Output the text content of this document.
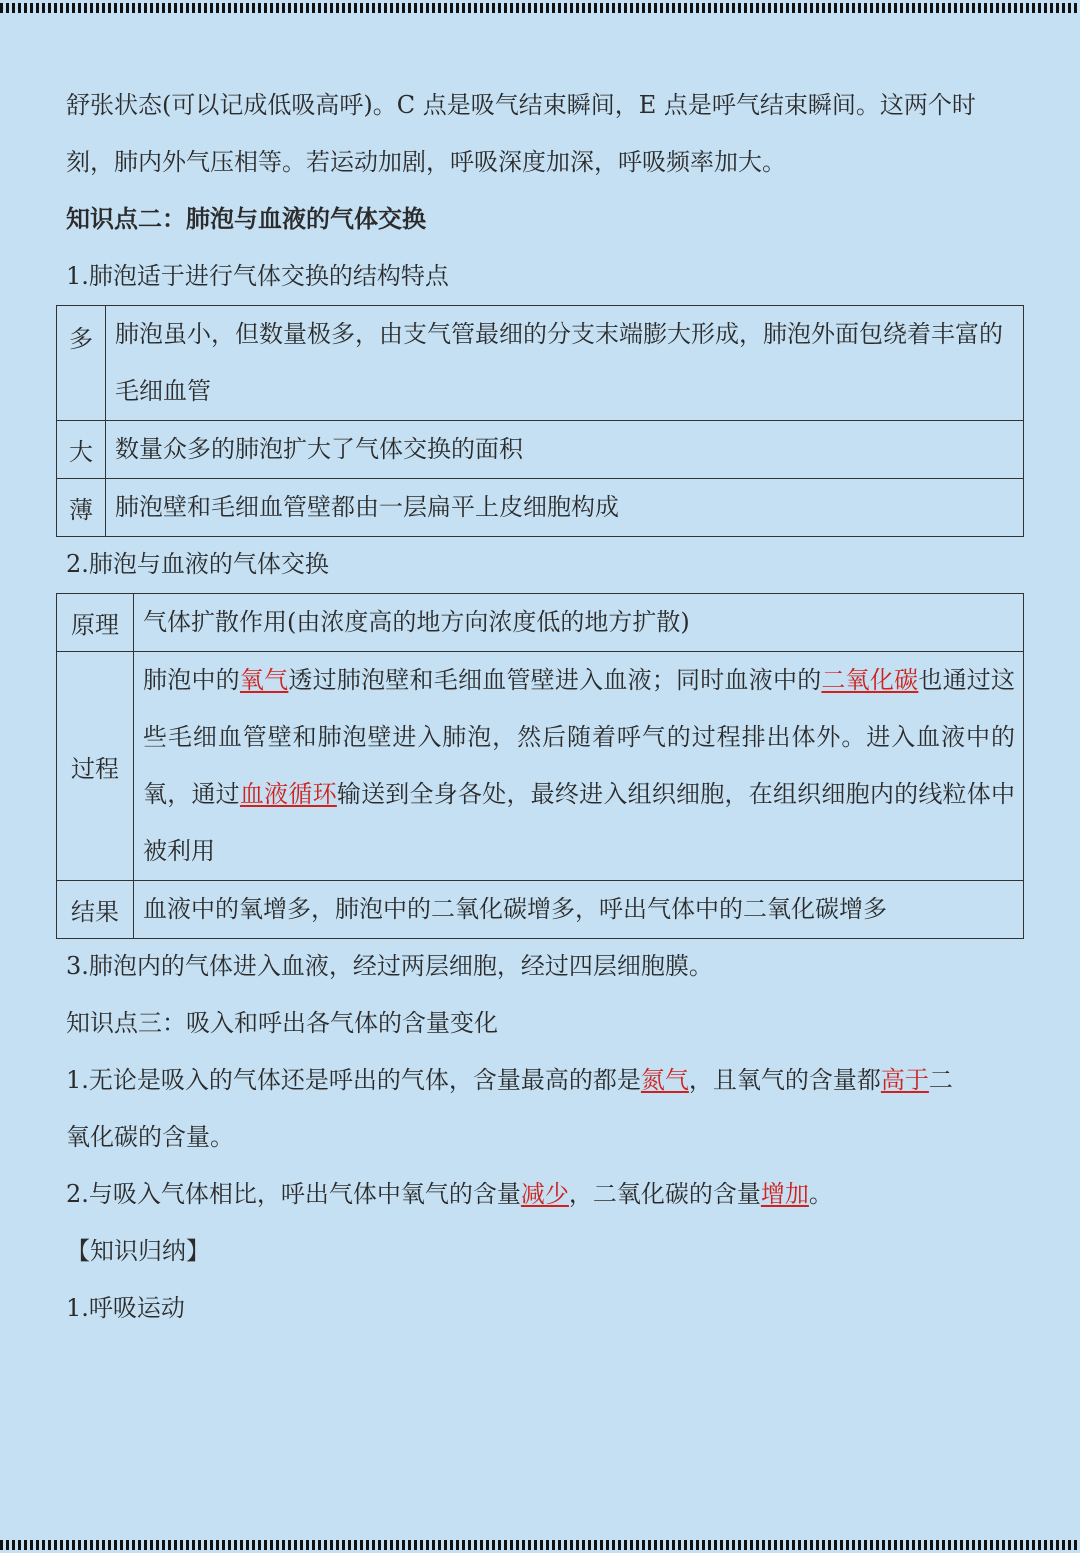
舒张状态(可以记成低吸高呼)。C 点是吸气结束瞬间，E 点是呼气结束瞬间。这两个时
刻，肺内外气压相等。若运动加剧，呼吸深度加深，呼吸频率加大。
知识点二：肺泡与血液的气体交换
1.肺泡适于进行气体交换的结构特点
多	肺泡虽小，但数量极多，由支气管最细的分支末端膨大形成，肺泡外面包绕着丰富的毛细血管
大	数量众多的肺泡扩大了气体交换的面积
薄	肺泡壁和毛细血管壁都由一层扁平上皮细胞构成
2.肺泡与血液的气体交换
原理	气体扩散作用(由浓度高的地方向浓度低的地方扩散)
过程	肺泡中的氧气透过肺泡壁和毛细血管壁进入血液；同时血液中的二氧化碳也通过这些毛细血管壁和肺泡壁进入肺泡，然后随着呼气的过程排出体外。进入血液中的氧，通过血液循环输送到全身各处，最终进入组织细胞，在组织细胞内的线粒体中被利用
结果	血液中的氧增多，肺泡中的二氧化碳增多，呼出气体中的二氧化碳增多
3.肺泡内的气体进入血液，经过两层细胞，经过四层细胞膜。
知识点三：吸入和呼出各气体的含量变化
1.无论是吸入的气体还是呼出的气体，含量最高的都是氮气，且氧气的含量都高于二
氧化碳的含量。
2.与吸入气体相比，呼出气体中氧气的含量减少，二氧化碳的含量增加。
【知识归纳】
1.呼吸运动
